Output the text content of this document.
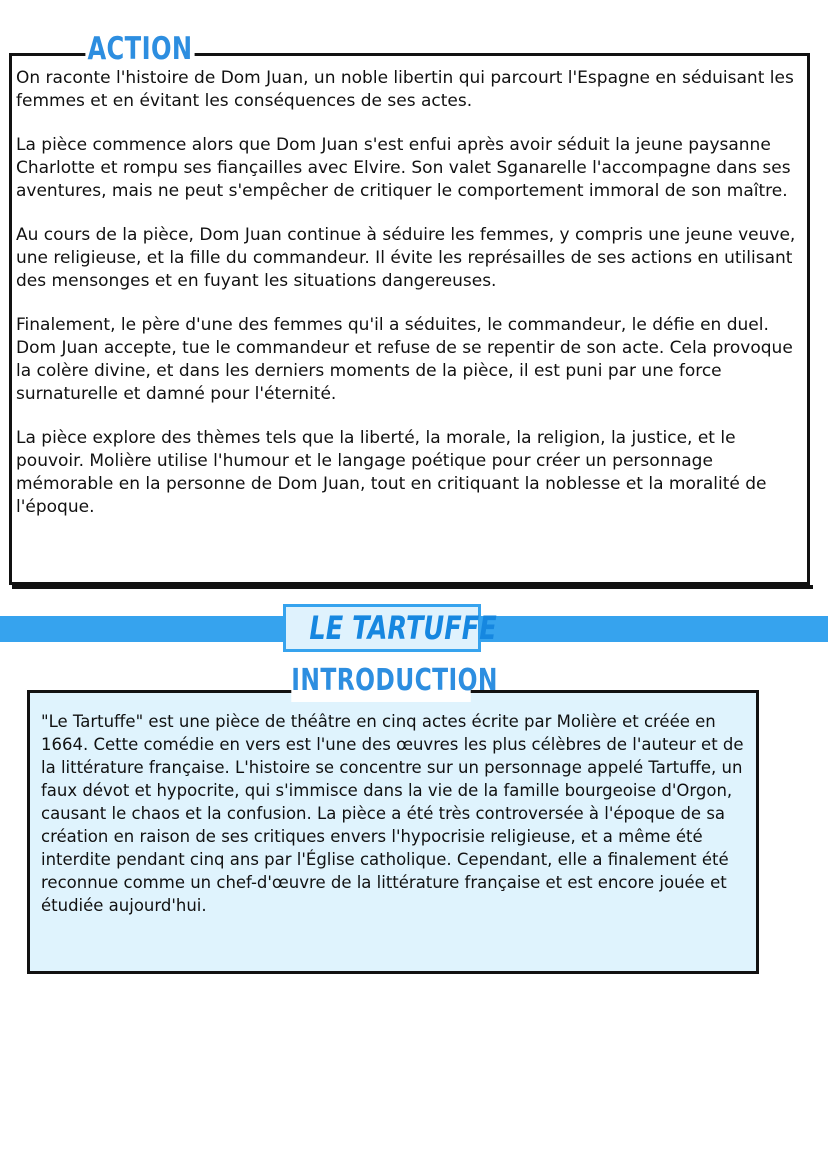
On raconte l'histoire de Dom Juan, un noble libertin qui parcourt l'Espagne en séduisant les femmes et en évitant les conséquences de ses actes.

La pièce commence alors que Dom Juan s'est enfui après avoir séduit la jeune paysanne Charlotte et rompu ses fiançailles avec Elvire. Son valet Sganarelle l'accompagne dans ses aventures, mais ne peut s'empêcher de critiquer le comportement immoral de son maître.

Au cours de la pièce, Dom Juan continue à séduire les femmes, y compris une jeune veuve, une religieuse, et la fille du commandeur. Il évite les représailles de ses actions en utilisant des mensonges et en fuyant les situations dangereuses.

Finalement, le père d'une des femmes qu'il a séduites, le commandeur, le défie en duel. Dom Juan accepte, tue le commandeur et refuse de se repentir de son acte. Cela provoque la colère divine, et dans les derniers moments de la pièce, il est puni par une force surnaturelle et damné pour l'éternité.

La pièce explore des thèmes tels que la liberté, la morale, la religion, la justice, et le pouvoir. Molière utilise l'humour et le langage poétique pour créer un personnage mémorable en la personne de Dom Juan, tout en critiquant la noblesse et la moralité de l'époque.

ACTION
LE TARTUFFE

"Le Tartuffe" est une pièce de théâtre en cinq actes écrite par Molière et créée en 1664. Cette comédie en vers est l'une des œuvres les plus célèbres de l'auteur et de la littérature française. L'histoire se concentre sur un personnage appelé Tartuffe, un faux dévot et hypocrite, qui s'immisce dans la vie de la famille bourgeoise d'Orgon, causant le chaos et la confusion. La pièce a été très controversée à l'époque de sa création en raison de ses critiques envers l'hypocrisie religieuse, et a même été interdite pendant cinq ans par l'Église catholique. Cependant, elle a finalement été reconnue comme un chef-d'œuvre de la littérature française et est encore jouée et étudiée aujourd'hui.

INTRODUCTION
